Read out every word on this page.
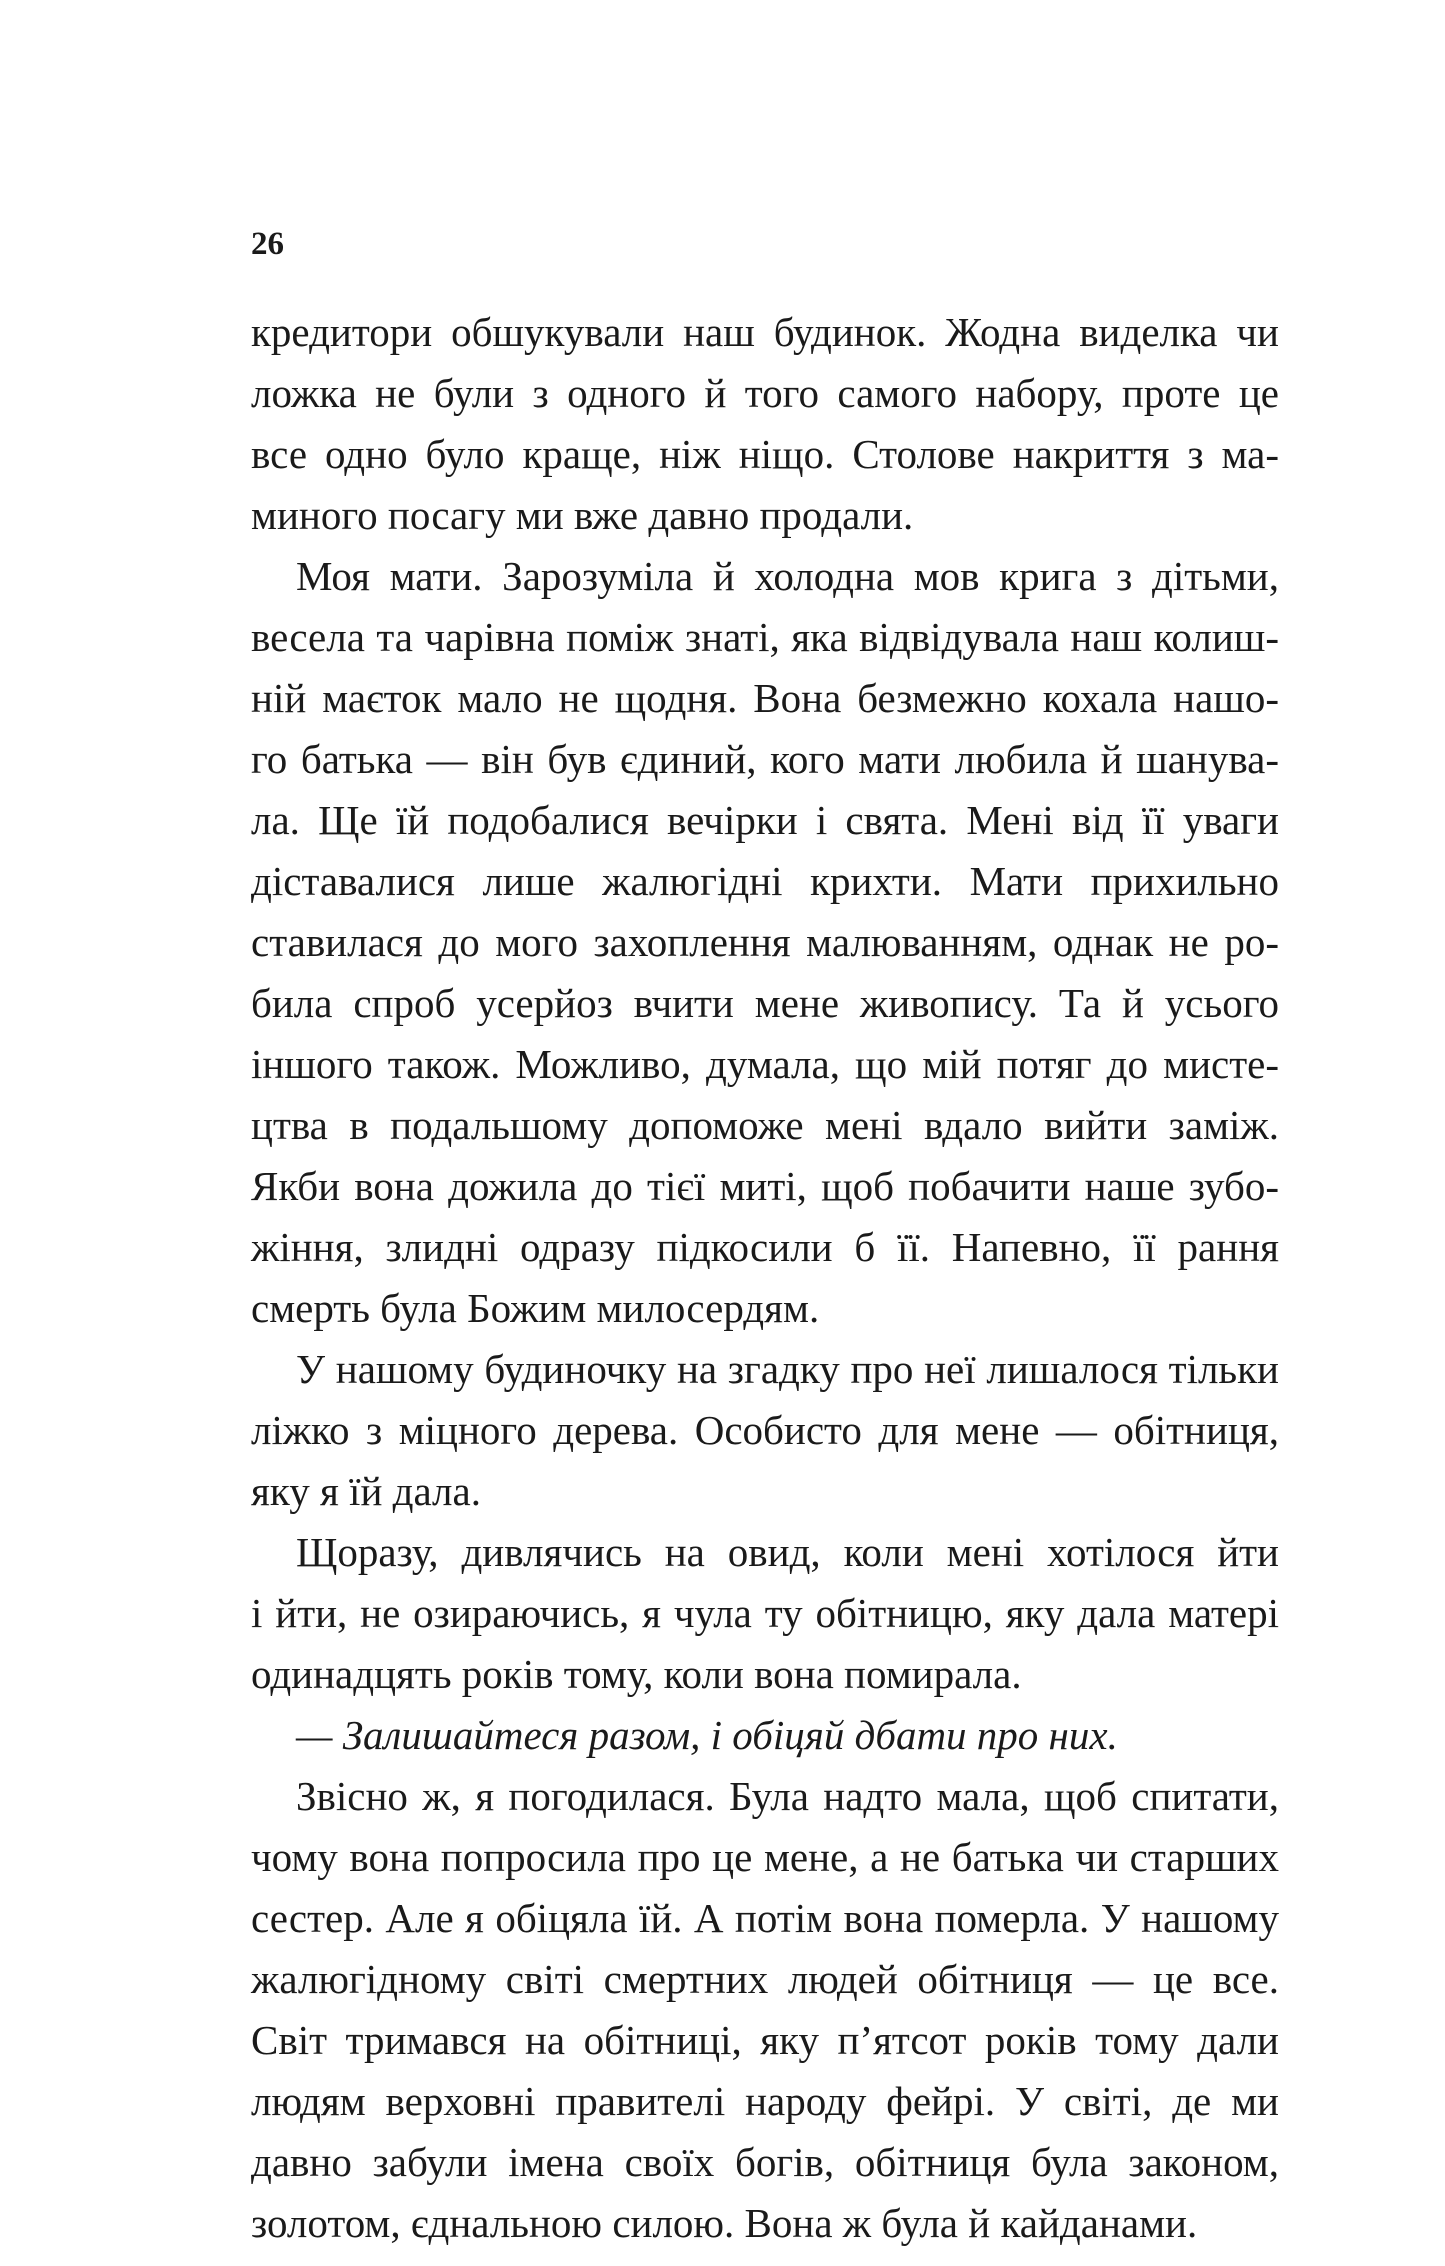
26

кредитори обшукували наш будинок. Жодна виделка чи
ложка не були з одного й того самого набору, проте це
все одно було краще, ніж ніщо. Столове накриття з ма-
миного посагу ми вже давно продали.
Моя мати. Зарозуміла й холодна мов крига з дітьми,
весела та чарівна поміж знаті, яка відвідувала наш колиш-
ній маєток мало не щодня. Вона безмежно кохала нашо-
го батька — він був єдиний, кого мати любила й шанува-
ла. Ще їй подобалися вечірки і свята. Мені від її уваги
діставалися лише жалюгідні крихти. Мати прихильно
ставилася до мого захоплення малюванням, однак не ро-
била спроб усерйоз вчити мене живопису. Та й усього
іншого також. Можливо, думала, що мій потяг до мисте-
цтва в подальшому допоможе мені вдало вийти заміж.
Якби вона дожила до тієї миті, щоб побачити наше зубо-
жіння, злидні одразу підкосили б її. Напевно, її рання
смерть була Божим милосердям.
У нашому будиночку на згадку про неї лишалося тільки
ліжко з міцного дерева. Особисто для мене — обітниця,
яку я їй дала.
Щоразу, дивлячись на овид, коли мені хотілося йти
і йти, не озираючись, я чула ту обітницю, яку дала матері
одинадцять років тому, коли вона помирала.
— Залишайтеся разом, і обіцяй дбати про них.
Звісно ж, я погодилася. Була надто мала, щоб спитати,
чому вона попросила про це мене, а не батька чи старших
сестер. Але я обіцяла їй. А потім вона померла. У нашому
жалюгідному світі смертних людей обітниця — це все.
Світ тримався на обітниці, яку п’ятсот років тому дали
людям верховні правителі народу фейрі. У світі, де ми
давно забули імена своїх богів, обітниця була законом,
золотом, єднальною силою. Вона ж була й кайданами.
